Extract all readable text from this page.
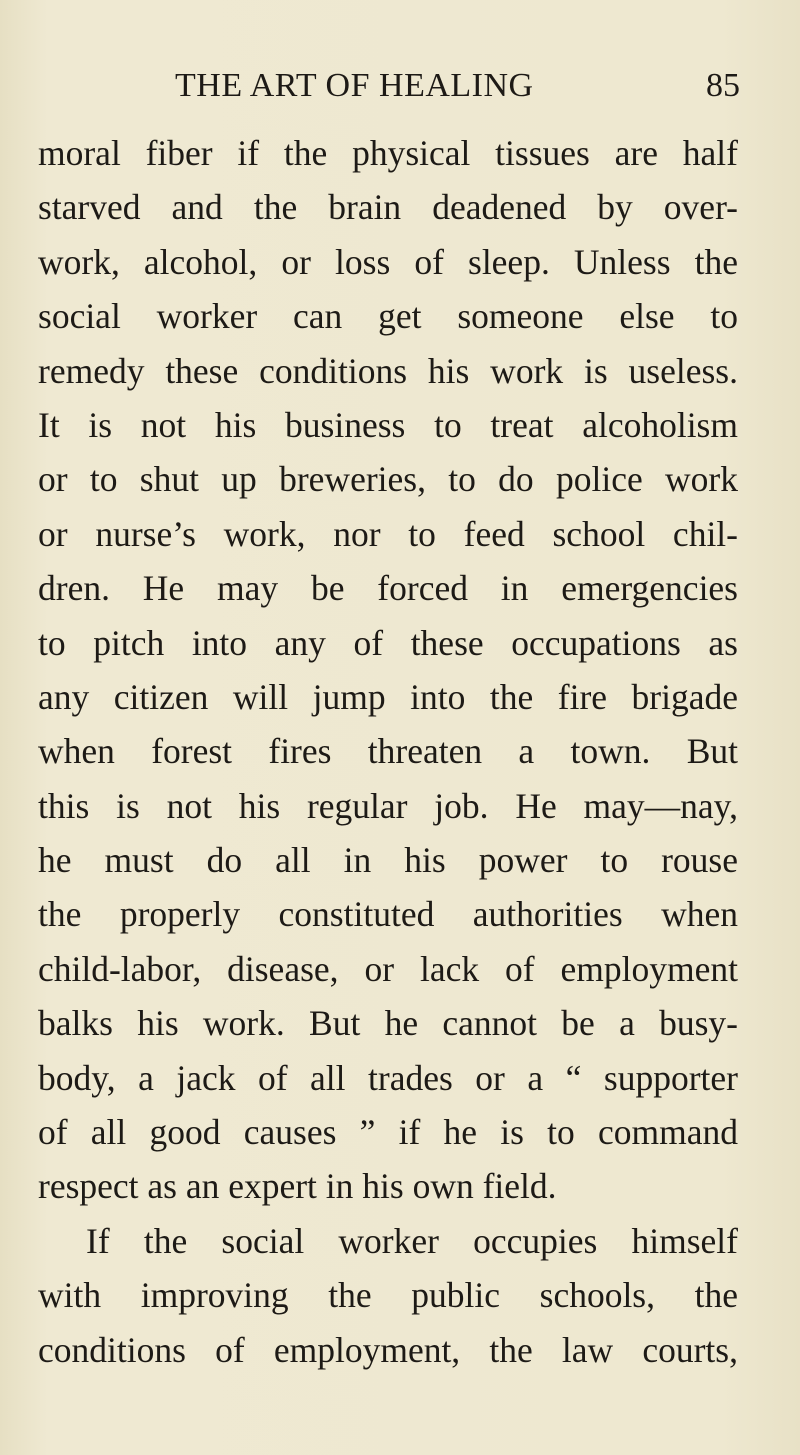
THE ART OF HEALING	85
moral fiber if the physical tissues are half
starved and the brain deadened by over-
work, alcohol, or loss of sleep. Unless the
social worker can get someone else to
remedy these conditions his work is useless.
It is not his business to treat alcoholism
or to shut up breweries, to do police work
or nurse’s work, nor to feed school chil-
dren. He may be forced in emergencies
to pitch into any of these occupations as
any citizen will jump into the fire brigade
when forest fires threaten a town. But
this is not his regular job. He may—nay,
he must do all in his power to rouse
the properly constituted authorities when
child-labor, disease, or lack of employment
balks his work. But he cannot be a busy-
body, a jack of all trades or a “ supporter
of all good causes ” if he is to command
respect as an expert in his own field.
If the social worker occupies himself
with improving the public schools, the
conditions of employment, the law courts,
